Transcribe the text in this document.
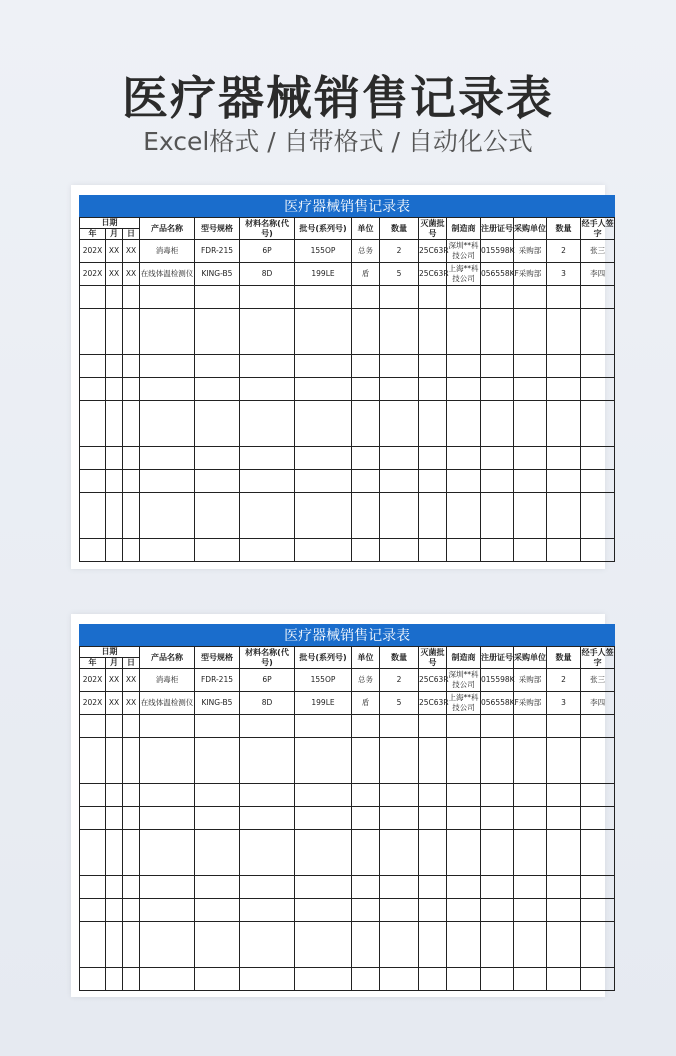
医疗器械销售记录表
Excel格式 / 自带格式 / 自动化公式
医疗器械销售记录表														
日期			产品名称	型号规格	材料名称(代号)	批号(系列号)	单位	数量	灭菌批号	制造商	注册证号	采购单位	数量	经手人签字
年	月	日												
202X	XX	XX	消毒柜	FDR-215	6P	155OP	总务	2	25C63R	深圳**科技公司	015598K	采购部	2	张三
202X	XX	XX	在线体温检测仪	KING-B5	8D	199LE	盾	5	25C63R	上海**科技公司	056558KF	采购部	3	李四

医疗器械销售记录表														
日期			产品名称	型号规格	材料名称(代号)	批号(系列号)	单位	数量	灭菌批号	制造商	注册证号	采购单位	数量	经手人签字
年	月	日												
202X	XX	XX	消毒柜	FDR-215	6P	155OP	总务	2	25C63R	深圳**科技公司	015598K	采购部	2	张三
202X	XX	XX	在线体温检测仪	KING-B5	8D	199LE	盾	5	25C63R	上海**科技公司	056558KF	采购部	3	李四
